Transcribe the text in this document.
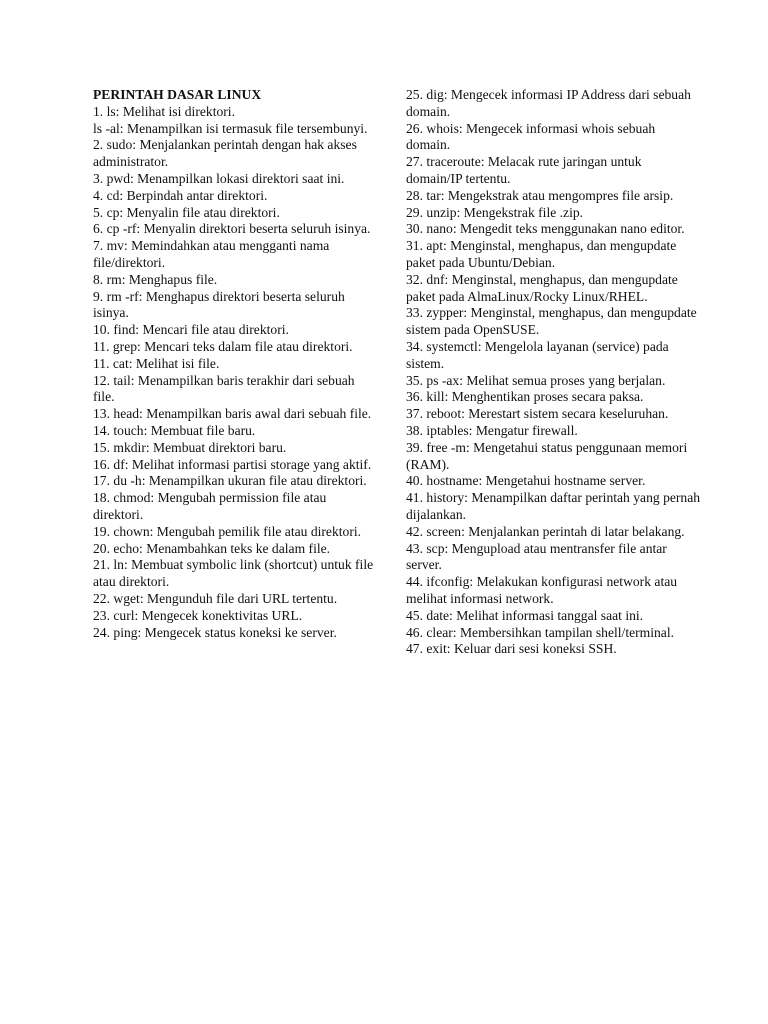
PERINTAH DASAR LINUX

1. ls: Melihat isi direktori.

ls -al: Menampilkan isi termasuk file tersembunyi.

2. sudo: Menjalankan perintah dengan hak akses administrator.

3. pwd: Menampilkan lokasi direktori saat ini.

4. cd: Berpindah antar direktori.

5. cp: Menyalin file atau direktori.

6. cp -rf: Menyalin direktori beserta seluruh isinya.

7. mv: Memindahkan atau mengganti nama file/direktori.

8. rm: Menghapus file.

9. rm -rf: Menghapus direktori beserta seluruh isinya.

10. find: Mencari file atau direktori.

11. grep: Mencari teks dalam file atau direktori.

11. cat: Melihat isi file.

12. tail: Menampilkan baris terakhir dari sebuah file.

13. head: Menampilkan baris awal dari sebuah file.

14. touch: Membuat file baru.

15. mkdir: Membuat direktori baru.

16. df: Melihat informasi partisi storage yang aktif.

17. du -h: Menampilkan ukuran file atau direktori.

18. chmod: Mengubah permission file atau direktori.

19. chown: Mengubah pemilik file atau direktori.

20. echo: Menambahkan teks ke dalam file.

21. ln: Membuat symbolic link (shortcut) untuk file atau direktori.

22. wget: Mengunduh file dari URL tertentu.

23. curl: Mengecek konektivitas URL.

24. ping: Mengecek status koneksi ke server.

25. dig: Mengecek informasi IP Address dari sebuah domain.

26. whois: Mengecek informasi whois sebuah domain.

27. traceroute: Melacak rute jaringan untuk domain/IP tertentu.

28. tar: Mengekstrak atau mengompres file arsip.

29. unzip: Mengekstrak file .zip.

30. nano: Mengedit teks menggunakan nano editor.

31. apt: Menginstal, menghapus, dan mengupdate paket pada Ubuntu/Debian.

32. dnf: Menginstal, menghapus, dan mengupdate paket pada AlmaLinux/Rocky Linux/RHEL.

33. zypper: Menginstal, menghapus, dan mengupdate sistem pada OpenSUSE.

34. systemctl: Mengelola layanan (service) pada sistem.

35. ps -ax: Melihat semua proses yang berjalan.

36. kill: Menghentikan proses secara paksa.

37. reboot: Merestart sistem secara keseluruhan.

38. iptables: Mengatur firewall.

39. free -m: Mengetahui status penggunaan memori (RAM).

40. hostname: Mengetahui hostname server.

41. history: Menampilkan daftar perintah yang pernah dijalankan.

42. screen: Menjalankan perintah di latar belakang.

43. scp: Mengupload atau mentransfer file antar server.

44. ifconfig: Melakukan konfigurasi network atau melihat informasi network.

45. date: Melihat informasi tanggal saat ini.

46. clear: Membersihkan tampilan shell/terminal.

47. exit: Keluar dari sesi koneksi SSH.
